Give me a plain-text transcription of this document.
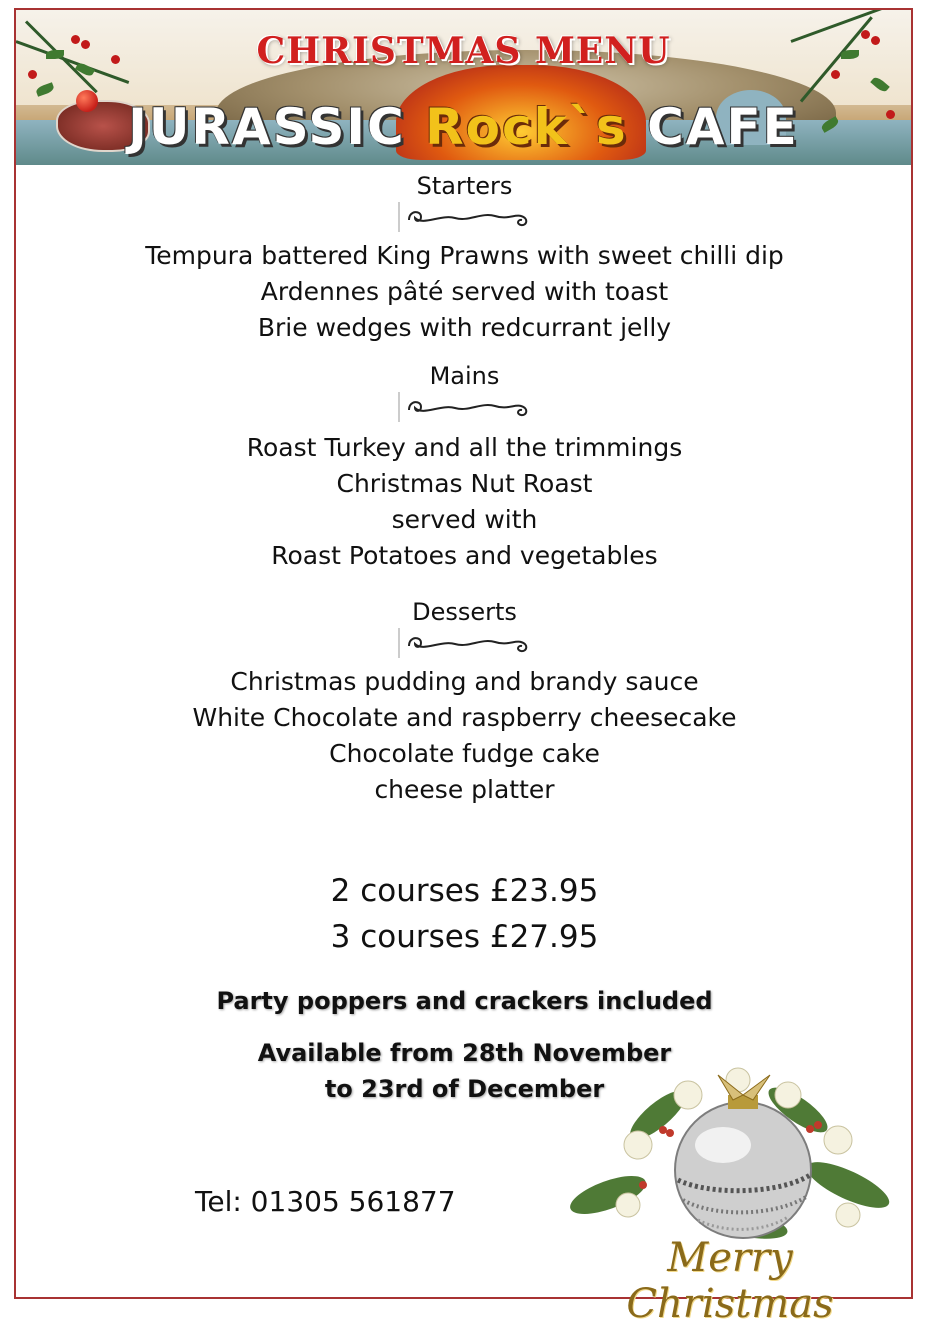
CHRISTMAS MENU
JURASSIC Rock`s CAFE
Starters
Tempura battered King Prawns with sweet chilli dip
Ardennes pâté served with toast
Brie wedges with redcurrant jelly
Mains
Roast Turkey and all the trimmings
Christmas Nut Roast
served with
Roast Potatoes and vegetables
Desserts
Christmas pudding and brandy sauce
White Chocolate and raspberry cheesecake
Chocolate fudge cake
cheese platter
2 courses £23.95
3 courses £27.95
Party poppers and crackers included
Available from 28th November
to 23rd of December
Tel: 01305 561877
Merry Christmas
